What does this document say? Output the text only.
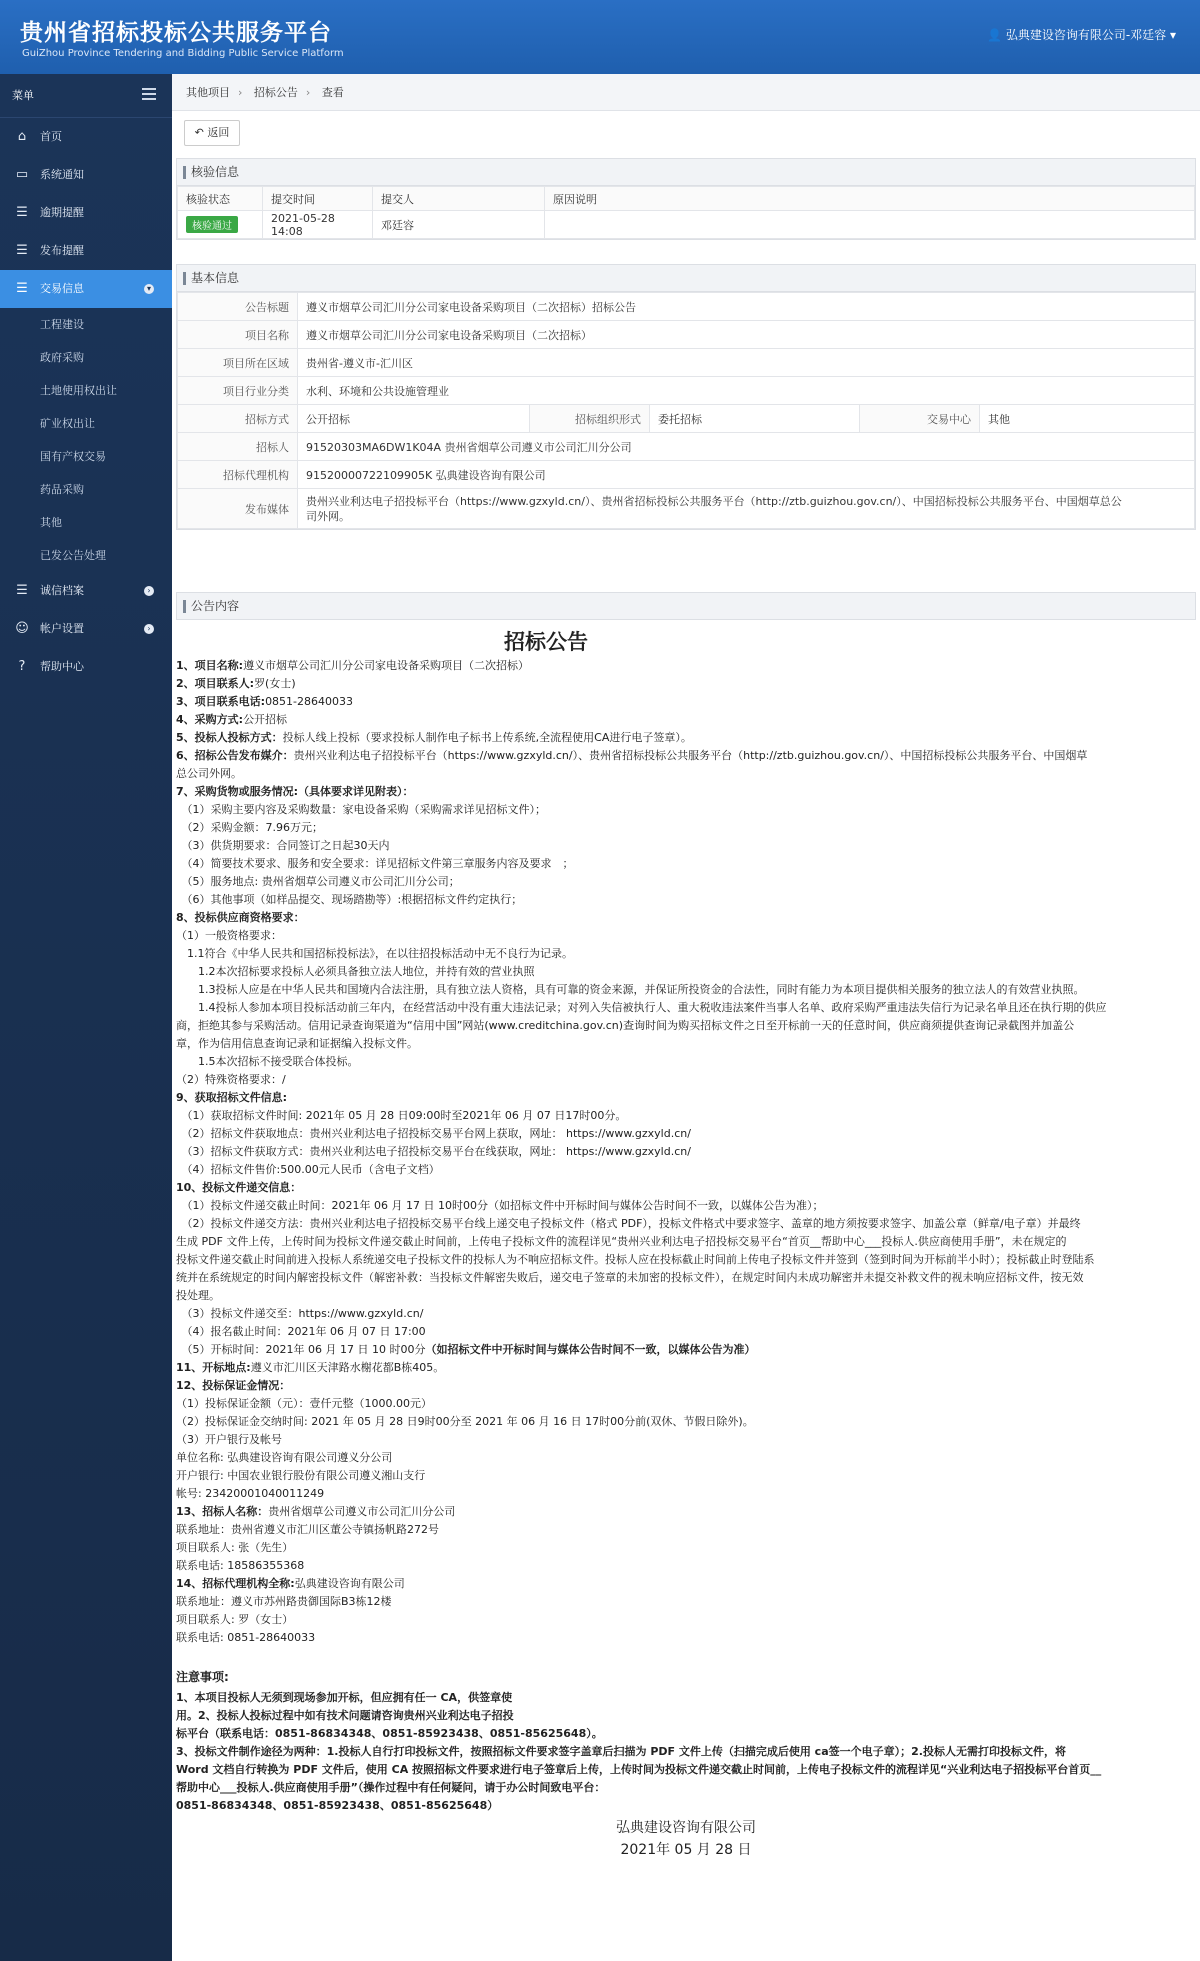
贵州省招标投标公共服务平台
GuiZhou Province Tendering and Bidding Public Service Platform
👤 弘典建设咨询有限公司-邓廷容 ▾
菜单
⌂ 首页
▭ 系统通知
☰ 逾期提醒
☰ 发布提醒
☰ 交易信息	▾
工程建设
政府采购
土地使用权出让
矿业权出让
国有产权交易
药品采购
其他
已发公告处理
☰ 诚信档案	›
☺ 帐户设置	›
? 帮助中心
其他项目 › 招标公告 › 查看
↶ 返回
核验信息
核验状态	提交时间	提交人	原因说明
核验通过	2021-05-28 14:08	邓廷容	
基本信息
公告标题	遵义市烟草公司汇川分公司家电设备采购项目（二次招标）招标公告				
项目名称	遵义市烟草公司汇川分公司家电设备采购项目（二次招标）				
项目所在区域	贵州省-遵义市-汇川区				
项目行业分类	水利、环境和公共设施管理业				
招标方式	公开招标	招标组织形式	委托招标	交易中心	其他
招标人	91520303MA6DW1K04A 贵州省烟草公司遵义市公司汇川分公司				
招标代理机构	91520000722109905K 弘典建设咨询有限公司				
发布媒体	贵州兴业利达电子招投标平台（https://www.gzxyld.cn/）、贵州省招标投标公共服务平台（http://ztb.guizhou.gov.cn/）、中国招标投标公共服务平台、中国烟草总公
司外网。				
公告内容
招标公告

1、项目名称:遵义市烟草公司汇川分公司家电设备采购项目（二次招标）

2、项目联系人:罗(女士)

3、项目联系电话:0851-28640033

4、采购方式:公开招标

5、投标人投标方式：投标人线上投标（要求投标人制作电子标书上传系统,全流程使用CA进行电子签章）。

6、招标公告发布媒介：贵州兴业利达电子招投标平台（https://www.gzxyld.cn/）、贵州省招标投标公共服务平台（http://ztb.guizhou.gov.cn/）、中国招标投标公共服务平台、中国烟草

总公司外网。

7、采购货物或服务情况:（具体要求详见附表）：

　（1）采购主要内容及采购数量：家电设备采购（采购需求详见招标文件）；

　（2）采购金额：7.96万元；

　（3）供货期要求：合同签订之日起30天内

　（4）简要技术要求、服务和安全要求：详见招标文件第三章服务内容及要求　；

　（5）服务地点: 贵州省烟草公司遵义市公司汇川分公司；

　（6）其他事项（如样品提交、现场踏勘等）:根据招标文件约定执行；

8、投标供应商资格要求：

（1）一般资格要求：

　1.1符合《中华人民共和国招标投标法》，在以往招投标活动中无不良行为记录。

　　1.2本次招标要求投标人必须具备独立法人地位，并持有效的营业执照

　　1.3投标人应是在中华人民共和国境内合法注册，具有独立法人资格，具有可靠的资金来源，并保证所投资金的合法性，同时有能力为本项目提供相关服务的独立法人的有效营业执照。

　　1.4投标人参加本项目投标活动前三年内，在经营活动中没有重大违法记录；对列入失信被执行人、重大税收违法案件当事人名单、政府采购严重违法失信行为记录名单且还在执行期的供应

商，拒绝其参与采购活动。信用记录查询渠道为“信用中国”网站(www.creditchina.gov.cn)查询时间为购买招标文件之日至开标前一天的任意时间，供应商须提供查询记录截图并加盖公

章，作为信用信息查询记录和证据编入投标文件。

　　1.5本次招标不接受联合体投标。

（2）特殊资格要求：/

9、获取招标文件信息:

　（1）获取招标文件时间: 2021年 05 月 28 日09:00时至2021年 06 月 07 日17时00分。

　（2）招标文件获取地点：贵州兴业利达电子招投标交易平台网上获取，网址： https://www.gzxyld.cn/

　（3）招标文件获取方式：贵州兴业利达电子招投标交易平台在线获取，网址： https://www.gzxyld.cn/

　（4）招标文件售价:500.00元人民币（含电子文档）

10、投标文件递交信息：

　（1）投标文件递交截止时间：2021年 06 月 17 日 10时00分（如招标文件中开标时间与媒体公告时间不一致，以媒体公告为准）；

　（2）投标文件递交方法：贵州兴业利达电子招投标交易平台线上递交电子投标文件（格式 PDF），投标文件格式中要求签字、盖章的地方须按要求签字、加盖公章（鲜章/电子章）并最终

生成 PDF 文件上传，上传时间为投标文件递交截止时间前，上传电子投标文件的流程详见“贵州兴业利达电子招投标交易平台“首页__帮助中心___投标人.供应商使用手册”，未在规定的

投标文件递交截止时间前进入投标人系统递交电子投标文件的投标人为不响应招标文件。投标人应在投标截止时间前上传电子投标文件并签到（签到时间为开标前半小时）；投标截止时登陆系

统并在系统规定的时间内解密投标文件（解密补救：当投标文件解密失败后，递交电子签章的未加密的投标文件），在规定时间内未成功解密并未提交补救文件的视未响应招标文件，按无效

投处理。

　（3）投标文件递交至：https://www.gzxyld.cn/

　（4）报名截止时间：2021年 06 月 07 日 17:00

　（5）开标时间：2021年 06 月 17 日 10 时00分（如招标文件中开标时间与媒体公告时间不一致，以媒体公告为准）

11、开标地点:遵义市汇川区天津路水榭花都B栋405。

12、投标保证金情况：

（1）投标保证金额（元）：壹仟元整（1000.00元）

（2）投标保证金交纳时间: 2021 年 05 月 28 日9时00分至 2021 年 06 月 16 日 17时00分前(双休、节假日除外)。

（3）开户银行及帐号

单位名称: 弘典建设咨询有限公司遵义分公司

开户银行: 中国农业银行股份有限公司遵义湘山支行

帐号: 23420001040011249

13、招标人名称：贵州省烟草公司遵义市公司汇川分公司

联系地址：贵州省遵义市汇川区董公寺镇扬帆路272号

项目联系人: 张（先生）

联系电话: 18586355368

14、招标代理机构全称:弘典建设咨询有限公司

联系地址：遵义市苏州路贵御国际B3栋12楼

项目联系人: 罗（女士）

联系电话: 0851-28640033

注意事项:

1、本项目投标人无须到现场参加开标，但应拥有任一 CA，供签章使

用。2、投标人投标过程中如有技术问题请咨询贵州兴业利达电子招投

标平台（联系电话：0851-86834348、0851-85923438、0851-85625648）。

3、投标文件制作途径为两种：1.投标人自行打印投标文件，按照招标文件要求签字盖章后扫描为 PDF 文件上传（扫描完成后使用 ca签一个电子章）；2.投标人无需打印投标文件，将

Word 文档自行转换为 PDF 文件后，使用 CA 按照招标文件要求进行电子签章后上传，上传时间为投标文件递交截止时间前，上传电子投标文件的流程详见“兴业利达电子招投标平台首页__

帮助中心___投标人.供应商使用手册”（操作过程中有任何疑问，请于办公时间致电平台：

0851-86834348、0851-85923438、0851-85625648）

弘典建设咨询有限公司
2021年 05 月 28 日
